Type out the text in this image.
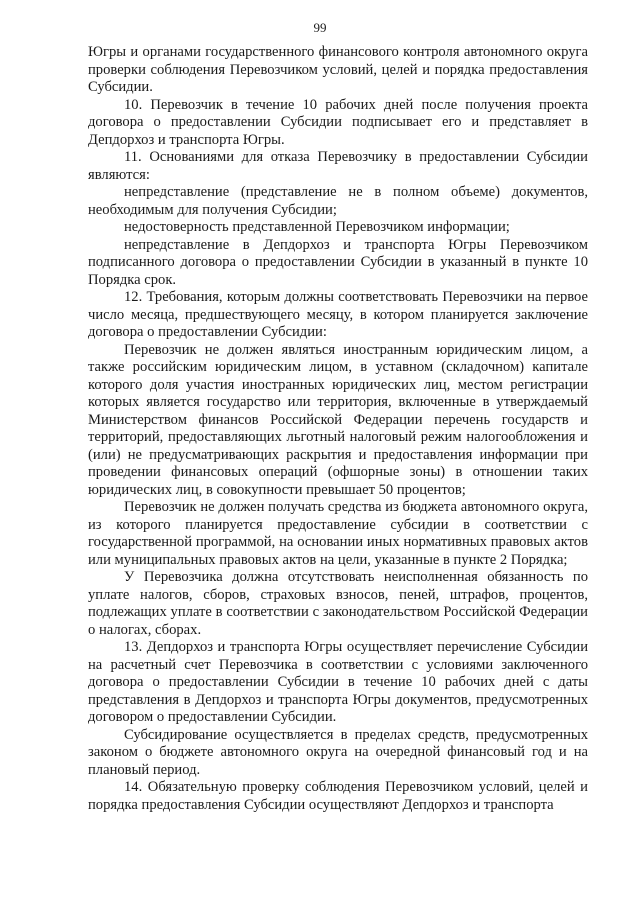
99

Югры и органами государственного финансового контроля автономного округа проверки соблюдения Перевозчиком условий, целей и порядка предоставления Субсидии.

10. Перевозчик в течение 10 рабочих дней после получения проекта договора о предоставлении Субсидии подписывает его и представляет в Депдорхоз и транспорта Югры.

11. Основаниями для отказа Перевозчику в предоставлении Субсидии являются:

непредставление (представление не в полном объеме) документов, необходимым для получения Субсидии;

недостоверность представленной Перевозчиком информации;

непредставление в Депдорхоз и транспорта Югры Перевозчиком подписанного договора о предоставлении Субсидии в указанный в пункте 10 Порядка срок.

12. Требования, которым должны соответствовать Перевозчики на первое число месяца, предшествующего месяцу, в котором планируется заключение договора о предоставлении Субсидии:

Перевозчик не должен являться иностранным юридическим лицом, а также российским юридическим лицом, в уставном (складочном) капитале которого доля участия иностранных юридических лиц, местом регистрации которых является государство или территория, включенные в утверждаемый Министерством финансов Российской Федерации перечень государств и территорий, предоставляющих льготный налоговый режим налогообложения и (или) не предусматривающих раскрытия и предоставления информации при проведении финансовых операций (офшорные зоны) в отношении таких юридических лиц, в совокупности превышает 50 процентов;

Перевозчик не должен получать средства из бюджета автономного округа, из которого планируется предоставление субсидии в соответствии с государственной программой, на основании иных нормативных правовых актов или муниципальных правовых актов на цели, указанные в пункте 2 Порядка;

У Перевозчика должна отсутствовать неисполненная обязанность по уплате налогов, сборов, страховых взносов, пеней, штрафов, процентов, подлежащих уплате в соответствии с законодательством Российской Федерации о налогах, сборах.

13. Депдорхоз и транспорта Югры осуществляет перечисление Субсидии на расчетный счет Перевозчика в соответствии с условиями заключенного договора о предоставлении Субсидии в течение 10 рабочих дней с даты представления в Депдорхоз и транспорта Югры документов, предусмотренных договором о предоставлении Субсидии.

Субсидирование осуществляется в пределах средств, предусмотренных законом о бюджете автономного округа на очередной финансовый год и на плановый период.

14. Обязательную проверку соблюдения Перевозчиком условий, целей и порядка предоставления Субсидии осуществляют Депдорхоз и транспорта
